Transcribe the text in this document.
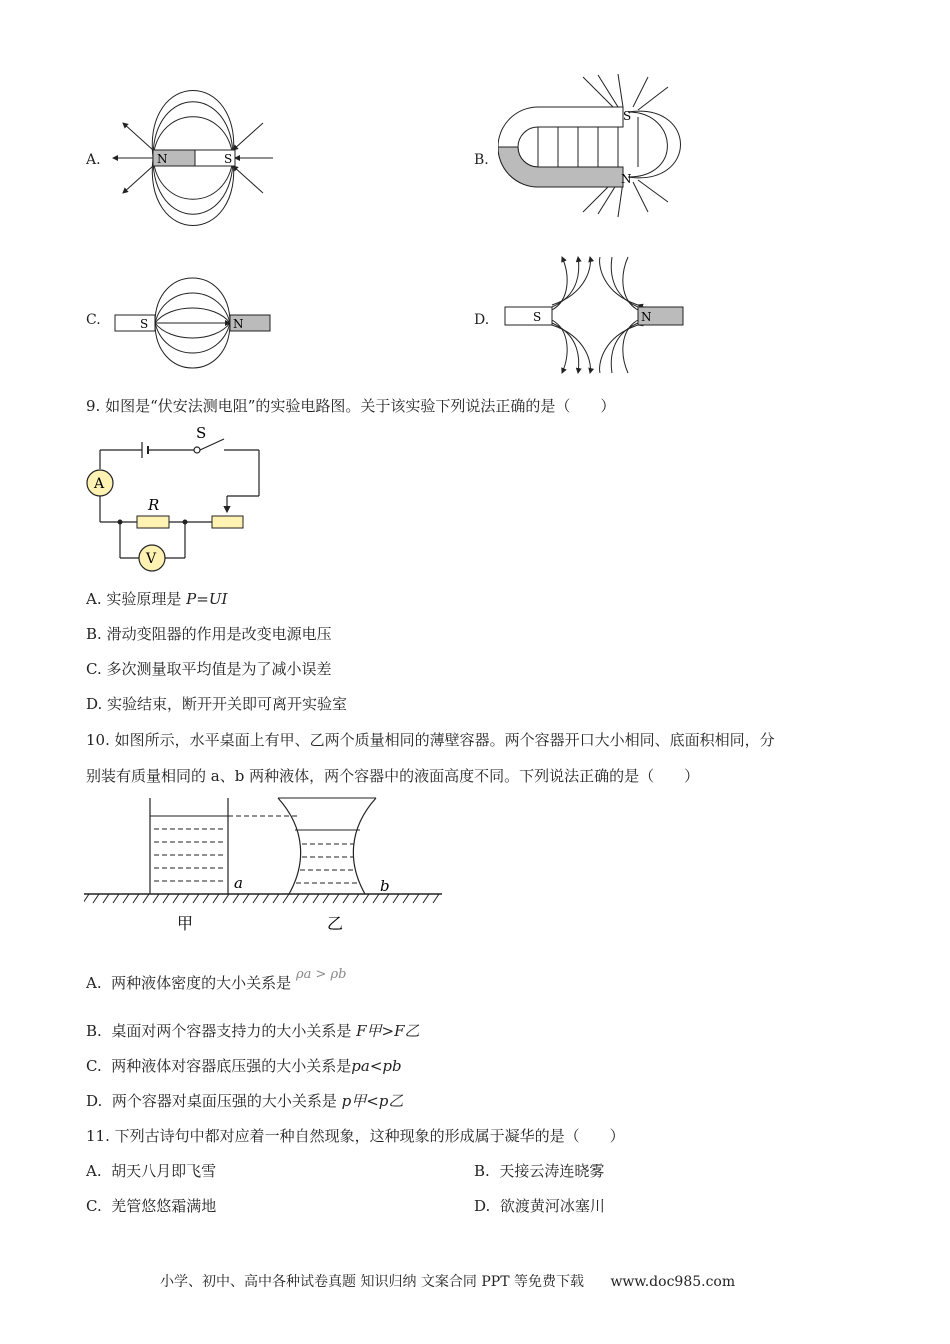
A.	N	S	B.
S
N
C.	S	N	D.	S	N
9. 如图是“伏安法测电阻”的实验电路图。关于该实验下列说法正确的是（　　）
A
R
V
S
A. 实验原理是 P=UI
B. 滑动变阻器的作用是改变电源电压
C. 多次测量取平均值是为了减小误差
D. 实验结束，断开开关即可离开实验室
10. 如图所示，水平桌面上有甲、乙两个质量相同的薄壁容器。两个容器开口大小相同、底面积相同，分
别装有质量相同的 a、b 两种液体，两个容器中的液面高度不同。下列说法正确的是（　　）
a	b
甲	乙
A. 两种液体密度的大小关系是 ρa > ρb
B. 桌面对两个容器支持力的大小关系是 F甲>F乙
C. 两种液体对容器底压强的大小关系是pa<pb
D. 两个容器对桌面压强的大小关系是 p甲<p乙
11. 下列古诗句中都对应着一种自然现象，这种现象的形成属于凝华的是（　　）
A. 胡天八月即飞雪	B. 天接云涛连晓雾
C. 羌管悠悠霜满地	D. 欲渡黄河冰塞川
小学、初中、高中各种试卷真题 知识归纳 文案合同 PPT 等免费下载 www.doc985.com
